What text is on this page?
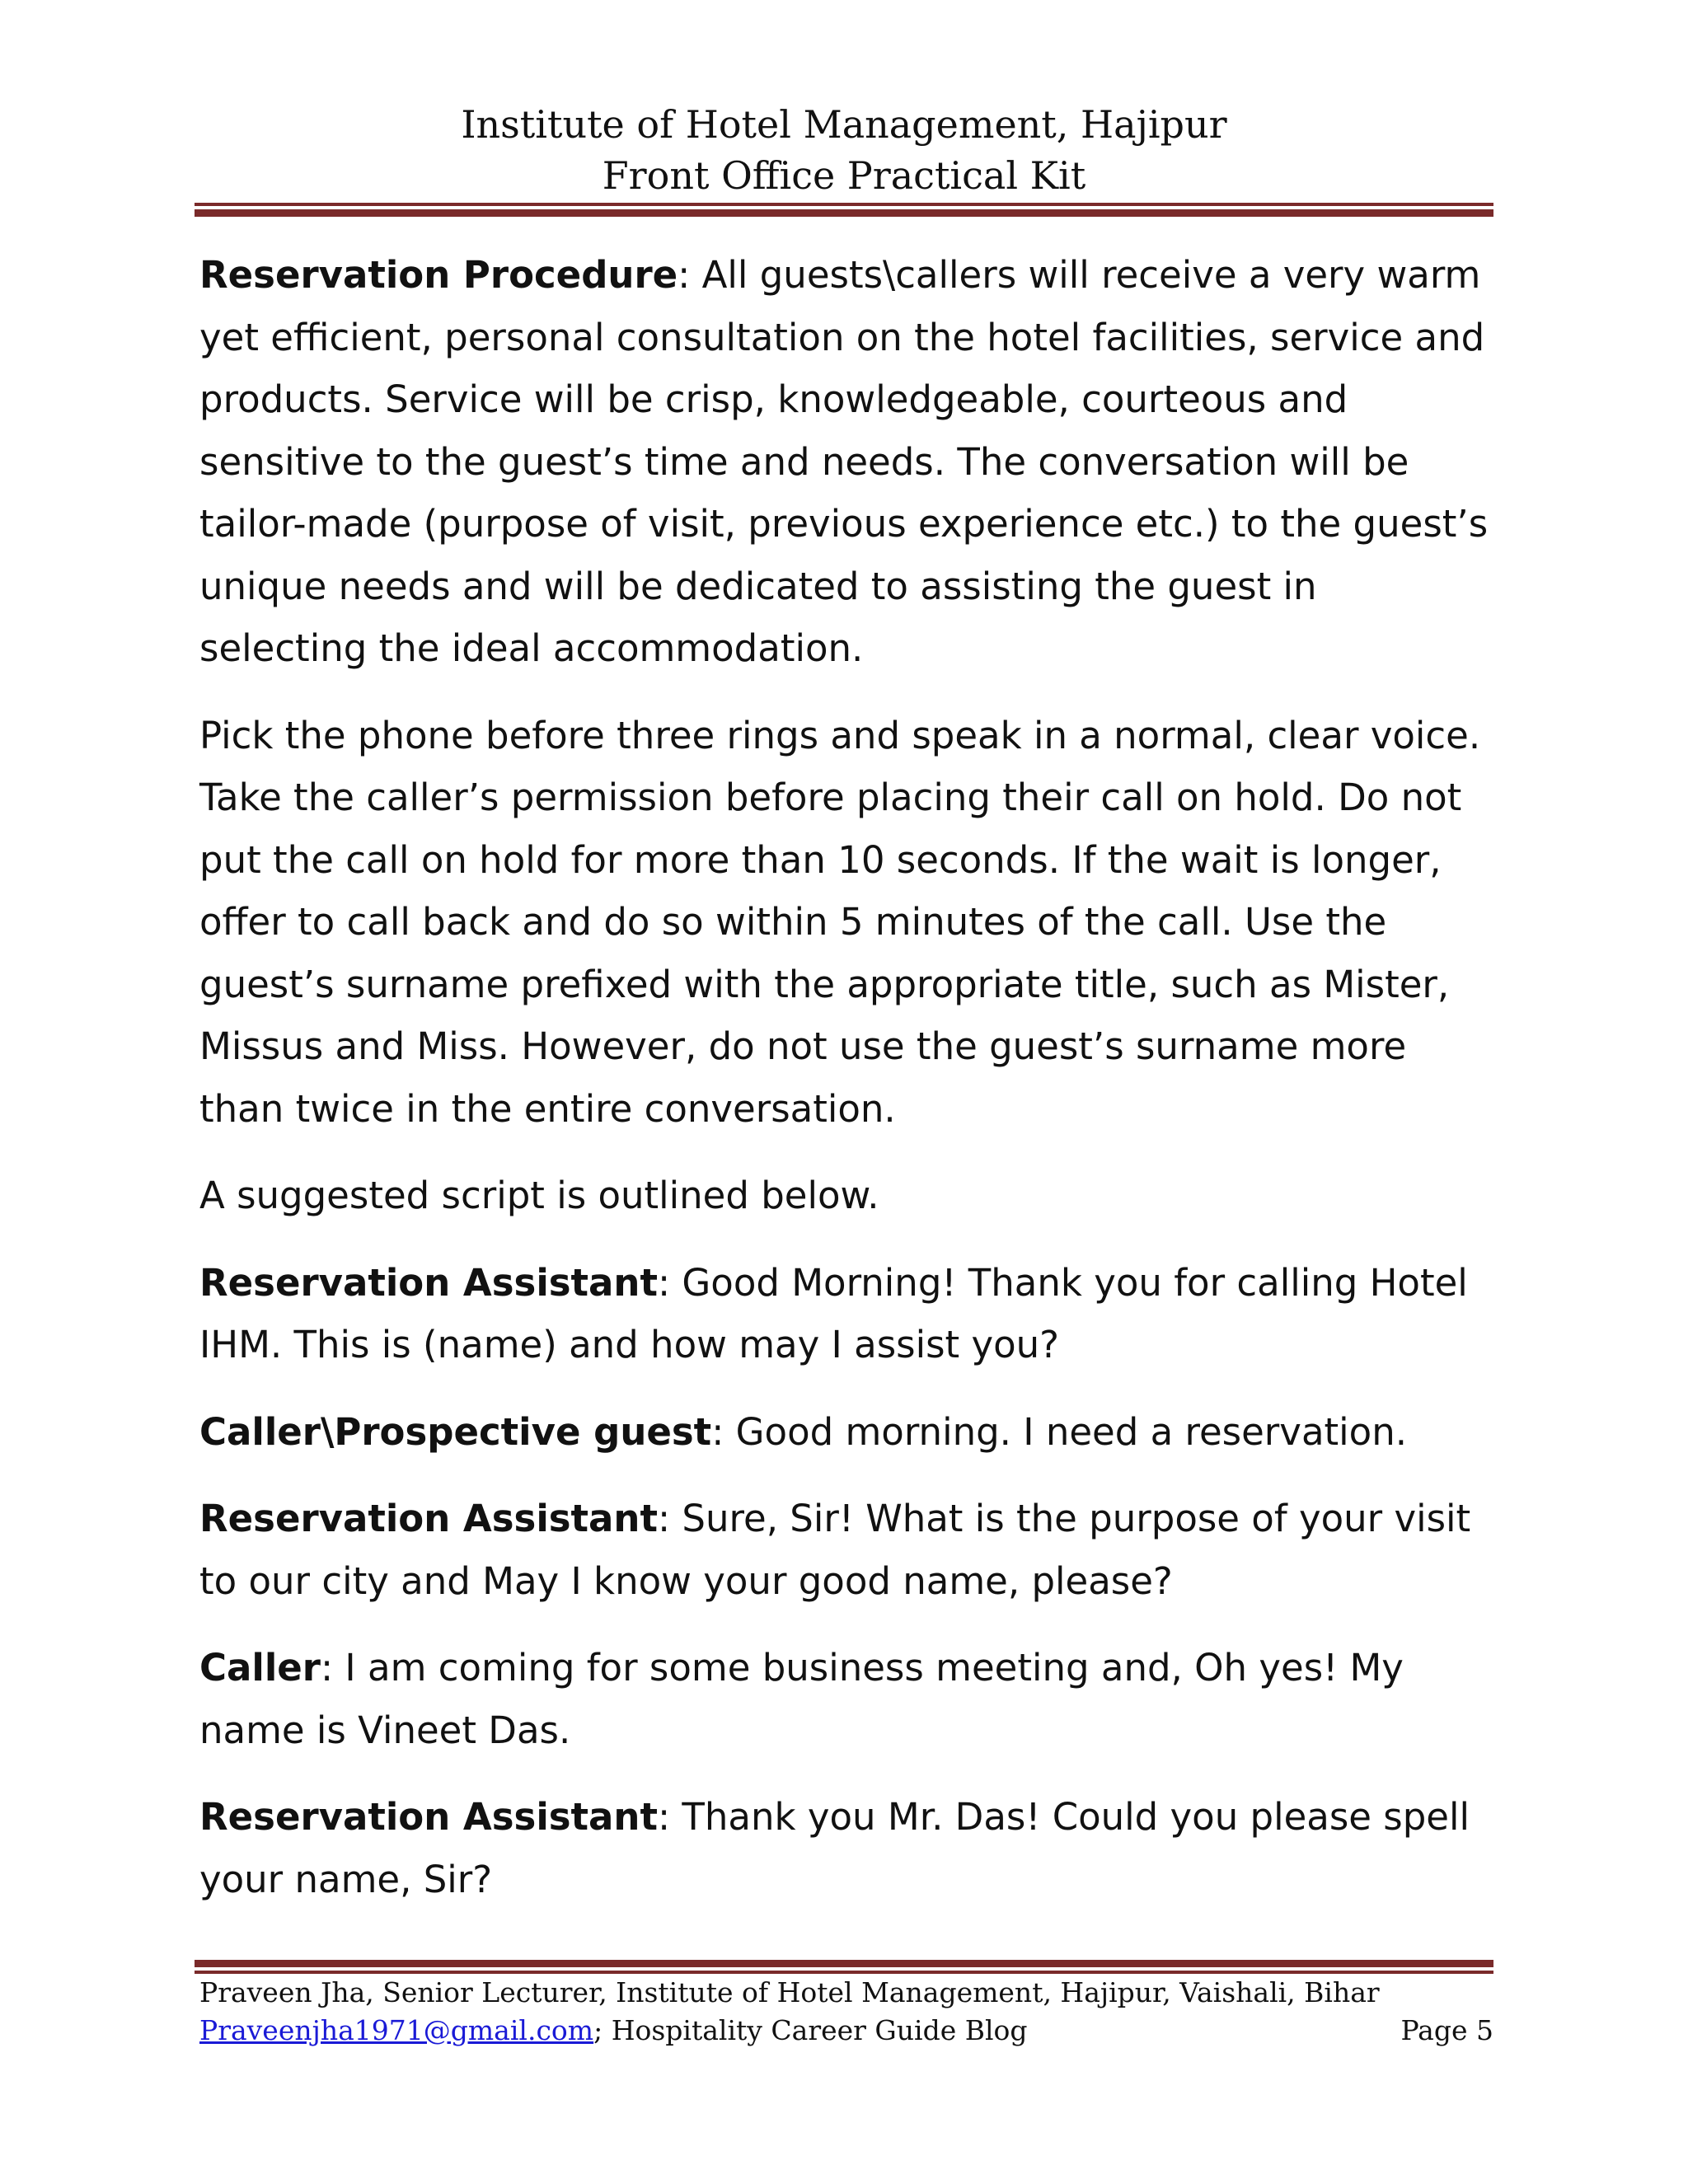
Institute of Hotel Management, Hajipur
Front Office Practical Kit

Reservation Procedure: All guests\callers will receive a very warm yet efficient, personal consultation on the hotel facilities, service and products. Service will be crisp, knowledgeable, courteous and sensitive to the guest’s time and needs. The conversation will be tailor-made (purpose of visit, previous experience etc.) to the guest’s unique needs and will be dedicated to assisting the guest in selecting the ideal accommodation.

Pick the phone before three rings and speak in a normal, clear voice. Take the caller’s permission before placing their call on hold. Do not put the call on hold for more than 10 seconds. If the wait is longer, offer to call back and do so within 5 minutes of the call. Use the guest’s surname prefixed with the appropriate title, such as Mister, Missus and Miss. However, do not use the guest’s surname more than twice in the entire conversation.

A suggested script is outlined below.

Reservation Assistant: Good Morning! Thank you for calling Hotel IHM. This is (name) and how may I assist you?

Caller\Prospective guest: Good morning. I need a reservation.

Reservation Assistant: Sure, Sir! What is the purpose of your visit to our city and May I know your good name, please?

Caller: I am coming for some business meeting and, Oh yes! My name is Vineet Das.

Reservation Assistant: Thank you Mr. Das! Could you please spell your name, Sir?

Praveen Jha, Senior Lecturer, Institute of Hotel Management, Hajipur, Vaishali, Bihar
Praveenjha1971@gmail.com; Hospitality Career Guide Blog	Page 5
